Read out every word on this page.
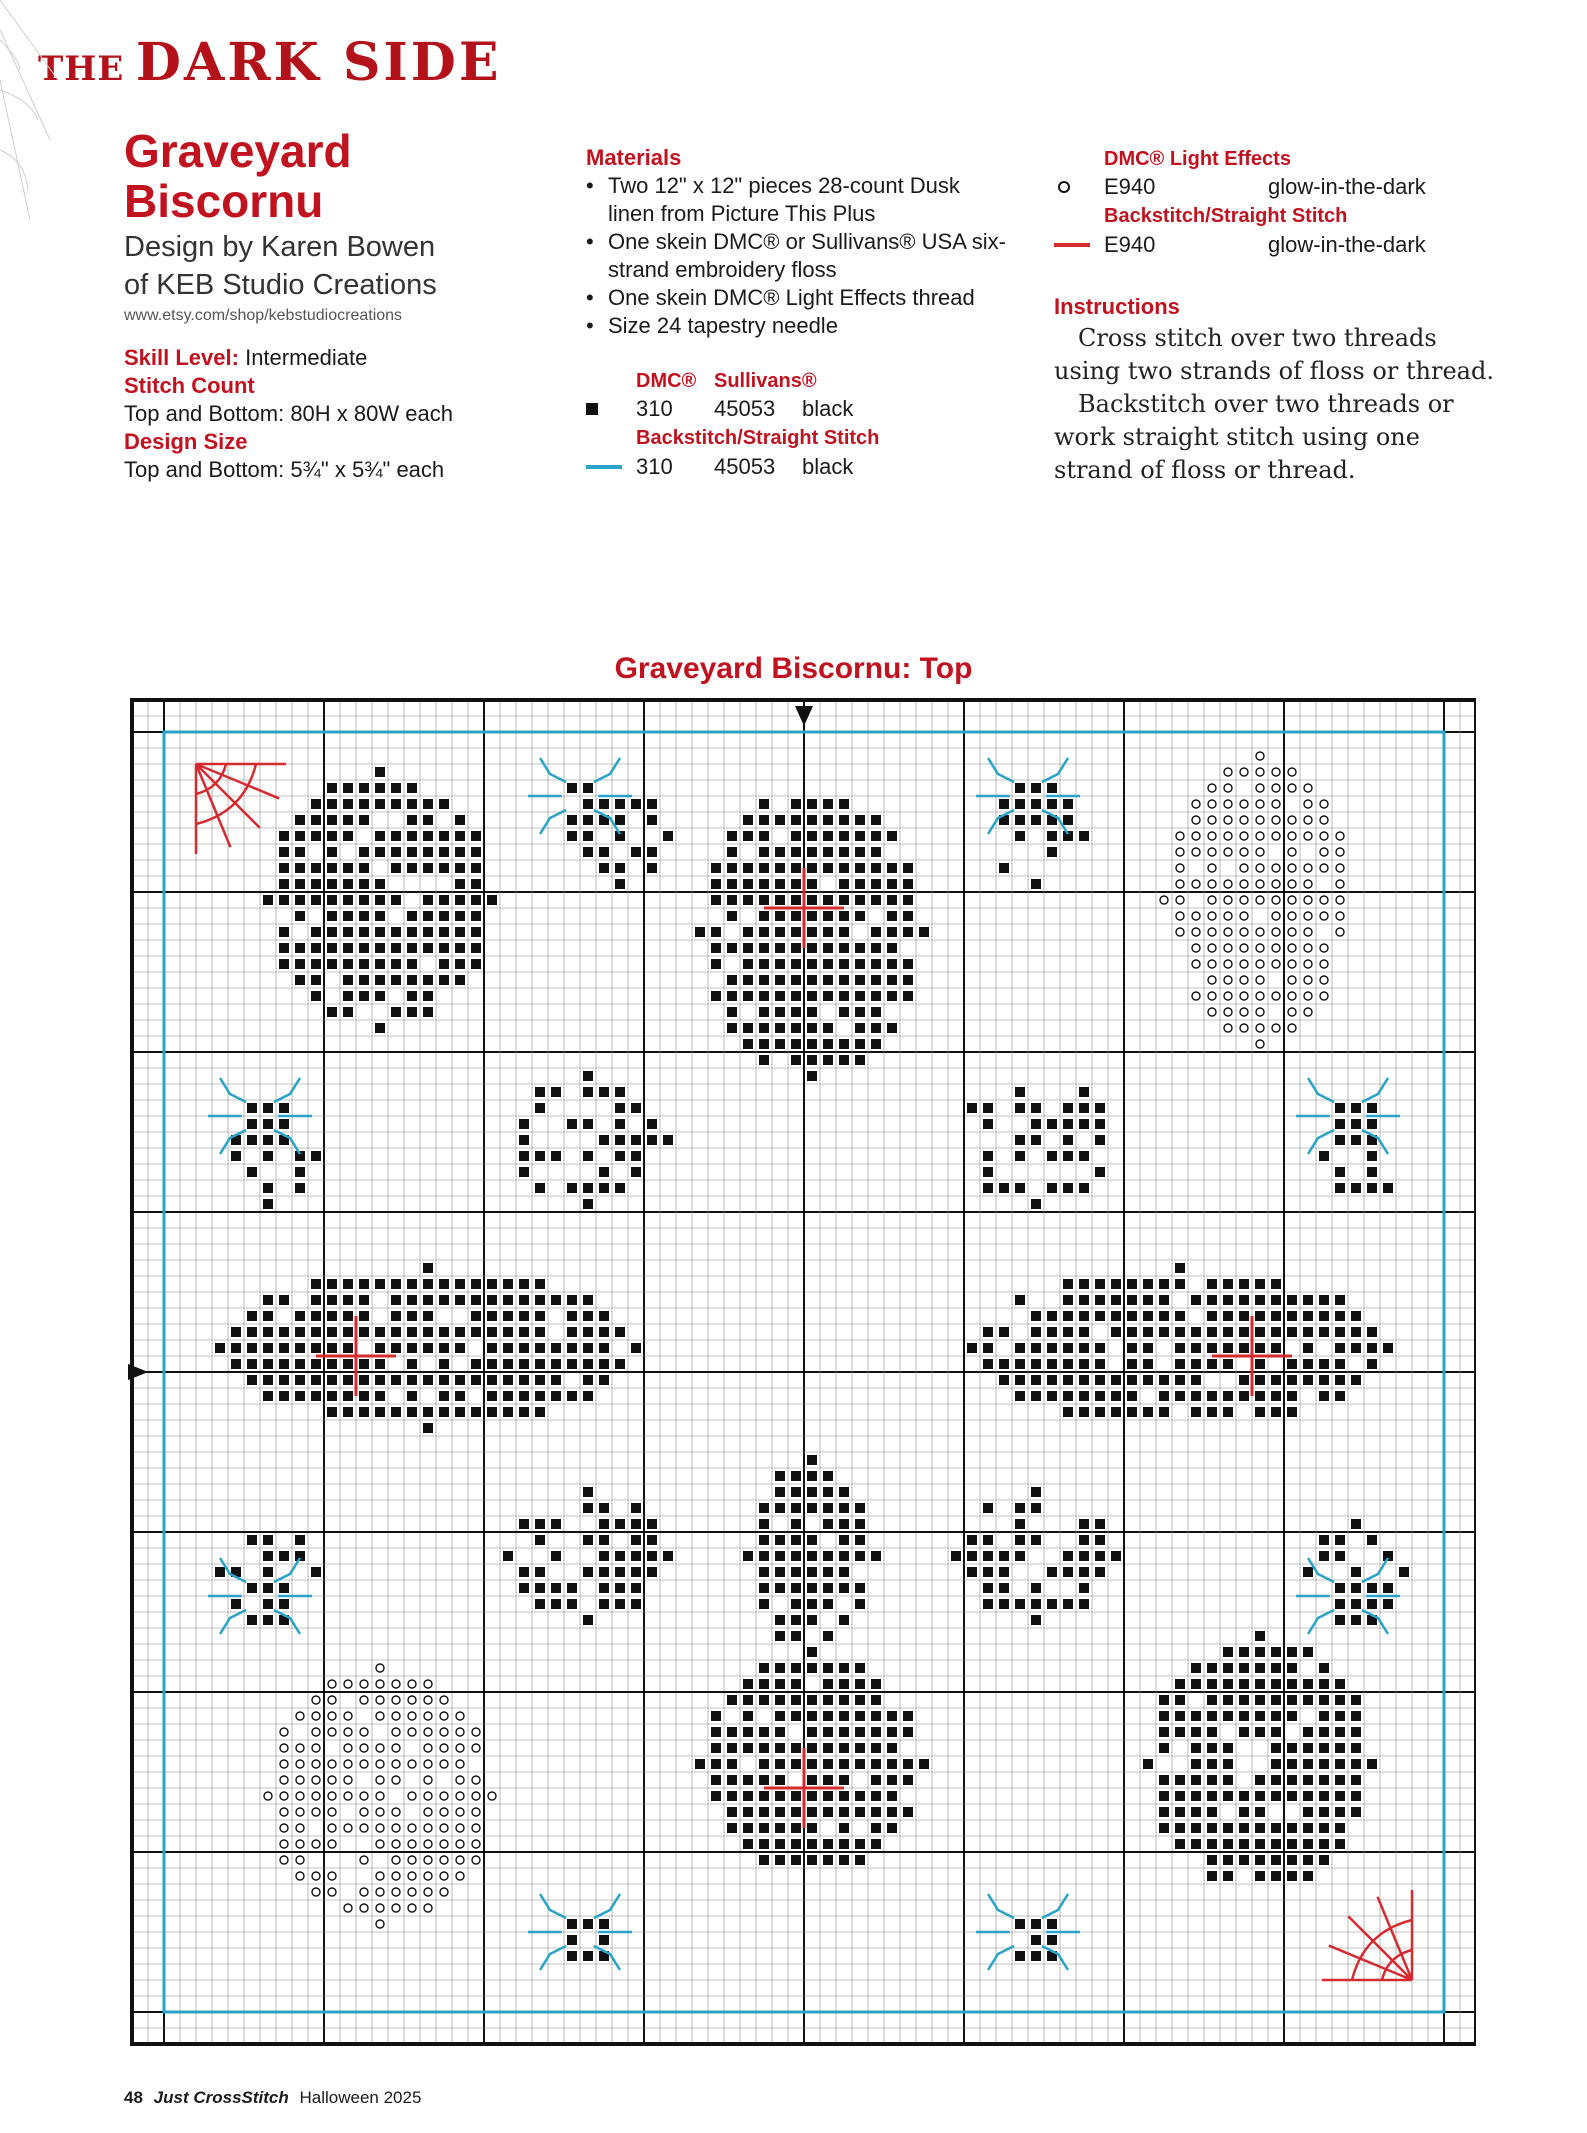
THE DARK SIDE
Graveyard
Biscornu
Design by Karen Bowen
of KEB Studio Creations
www.etsy.com/shop/kebstudiocreations
Skill Level: Intermediate
Stitch Count
Top and Bottom: 80H x 80W each
Design Size
Top and Bottom: 5¾" x 5¾" each
Materials
• Two 12" x 12" pieces 28-count Dusk linen from Picture This Plus
• One skein DMC® or Sullivans® USA six-strand embroidery floss
• One skein DMC® Light Effects thread
• Size 24 tapestry needle
DMC® Sullivans®
310	45053	black
Backstitch/Straight Stitch
310	45053	black
DMC® Light Effects
E940	glow-in-the-dark
Backstitch/Straight Stitch
E940	glow-in-the-dark
Instructions

Cross stitch over two threads using two strands of floss or thread.

Backstitch over two threads or work straight stitch using one strand of floss or thread.

Graveyard Biscornu: Top
48 Just CrossStitch Halloween 2025
